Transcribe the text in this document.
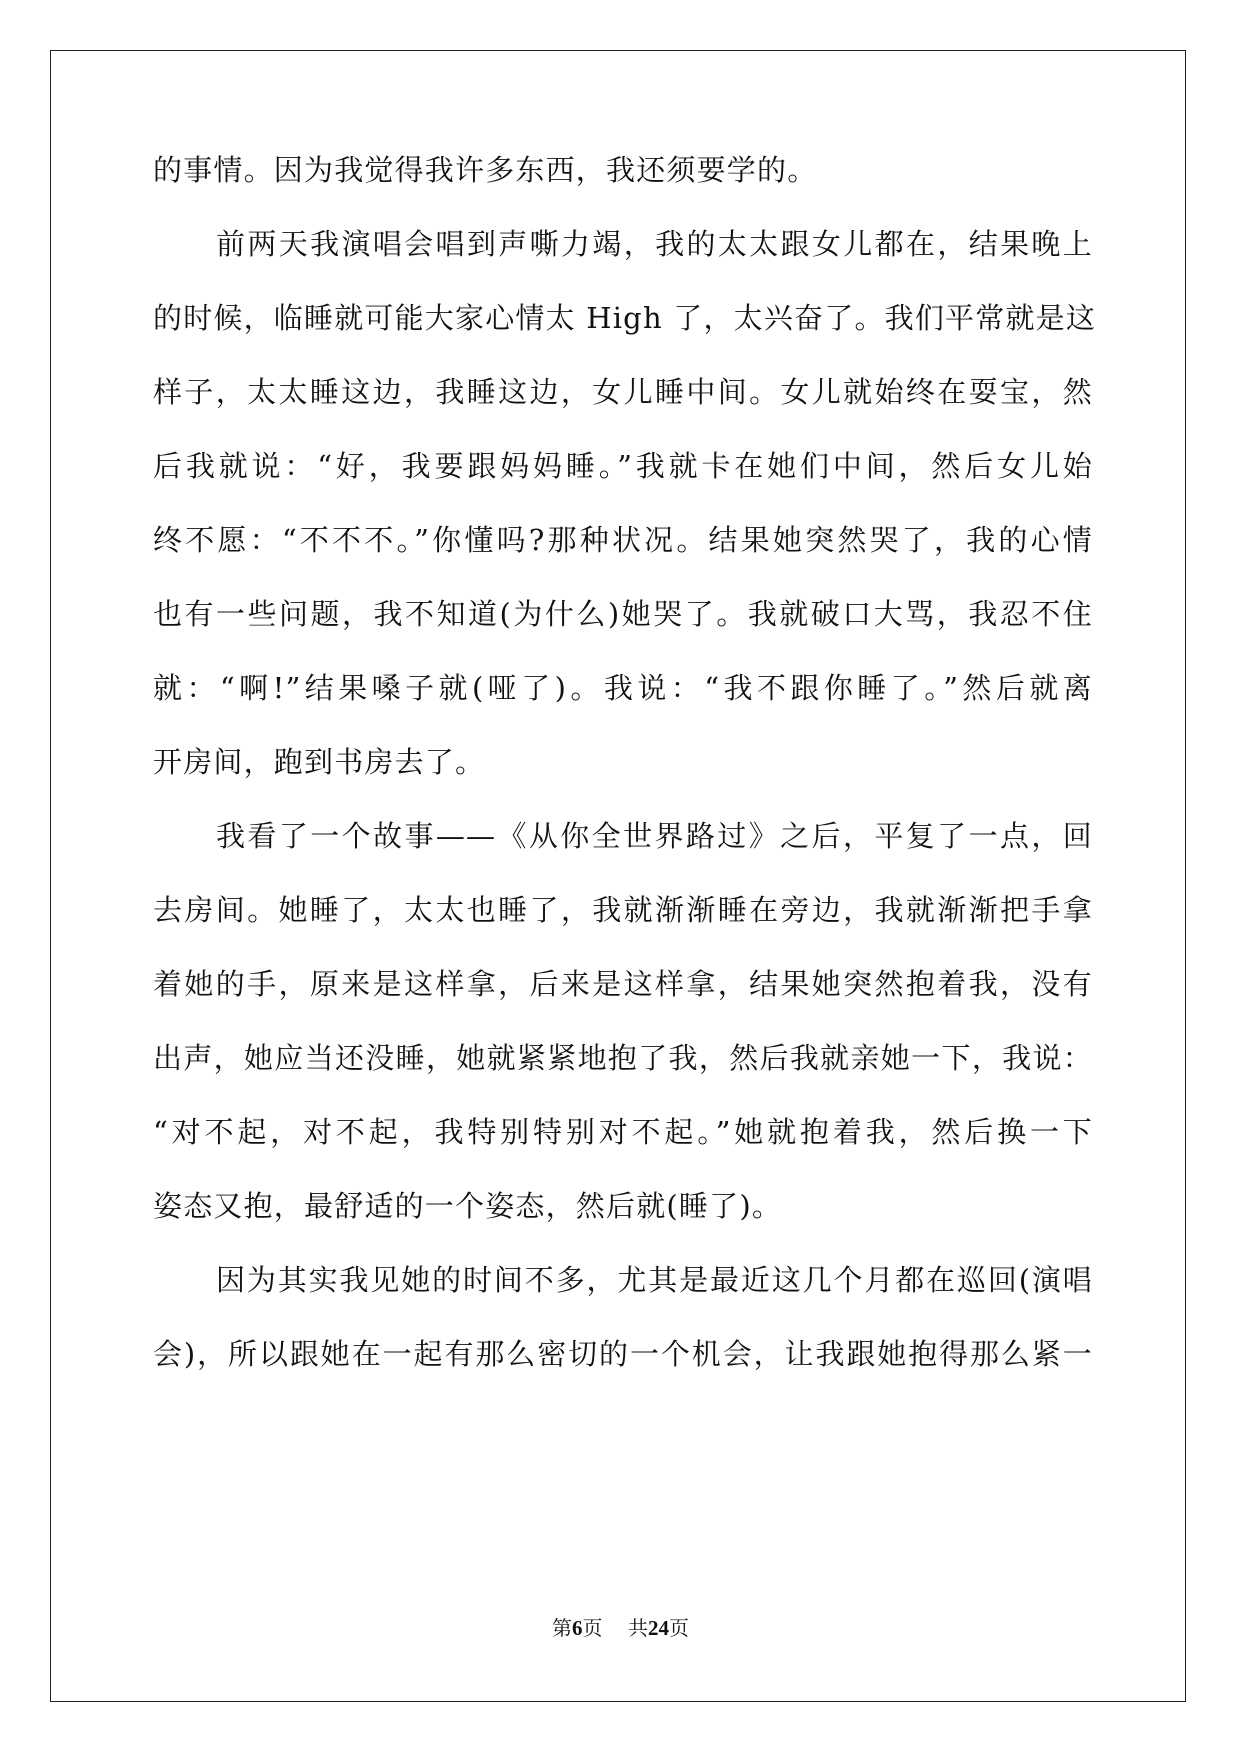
的事情。因为我觉得我许多东西，我还须要学的。
前两天我演唱会唱到声嘶力竭，我的太太跟女儿都在，结果晚上
的时候，临睡就可能大家心情太 High 了，太兴奋了。我们平常就是这
样子，太太睡这边，我睡这边，女儿睡中间。女儿就始终在耍宝，然
后我就说：“好，我要跟妈妈睡。”我就卡在她们中间，然后女儿始
终不愿：“不不不。”你懂吗?那种状况。结果她突然哭了，我的心情
也有一些问题，我不知道(为什么)她哭了。我就破口大骂，我忍不住
就：“啊!”结果嗓子就(哑了)。我说：“我不跟你睡了。”然后就离
开房间，跑到书房去了。
我看了一个故事——《从你全世界路过》之后，平复了一点，回
去房间。她睡了，太太也睡了，我就渐渐睡在旁边，我就渐渐把手拿
着她的手，原来是这样拿，后来是这样拿，结果她突然抱着我，没有
出声，她应当还没睡，她就紧紧地抱了我，然后我就亲她一下，我说：
“对不起，对不起，我特别特别对不起。”她就抱着我，然后换一下
姿态又抱，最舒适的一个姿态，然后就(睡了)。
因为其实我见她的时间不多，尤其是最近这几个月都在巡回(演唱
会)，所以跟她在一起有那么密切的一个机会，让我跟她抱得那么紧一
第6页 共24页
